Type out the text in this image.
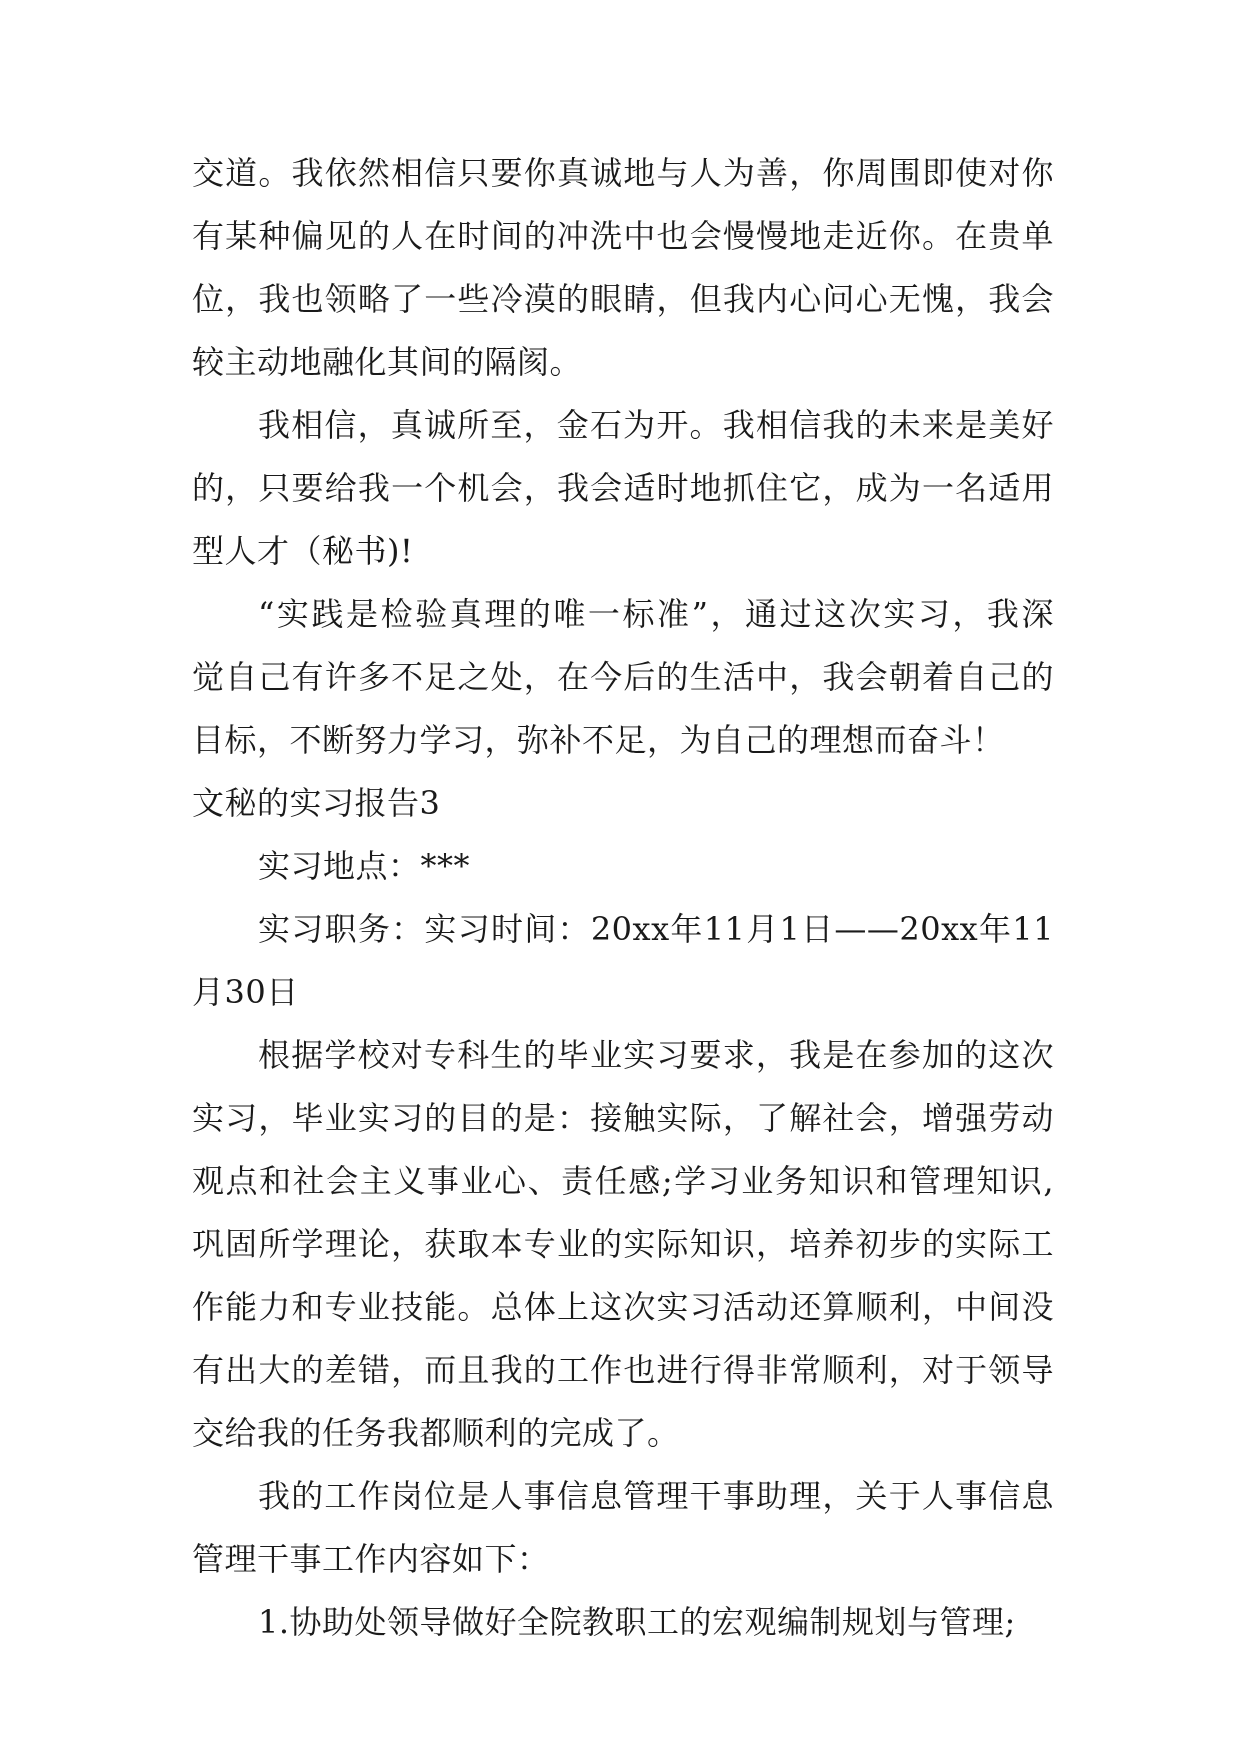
交道。我依然相信只要你真诚地与人为善，你周围即使对你
有某种偏见的人在时间的冲洗中也会慢慢地走近你。在贵单
位，我也领略了一些冷漠的眼睛，但我内心问心无愧，我会
较主动地融化其间的隔阂。
我相信，真诚所至，金石为开。我相信我的未来是美好
的，只要给我一个机会，我会适时地抓住它，成为一名适用
型人才（秘书)!
“实践是检验真理的唯一标准”，通过这次实习，我深
觉自己有许多不足之处，在今后的生活中，我会朝着自己的
目标，不断努力学习，弥补不足，为自己的理想而奋斗！
文秘的实习报告3
实习地点：***
实习职务：实习时间：20xx年11月1日——20xx年11
月30日
根据学校对专科生的毕业实习要求，我是在参加的这次
实习，毕业实习的目的是：接触实际，了解社会，增强劳动
观点和社会主义事业心、责任感;学习业务知识和管理知识,
巩固所学理论，获取本专业的实际知识，培养初步的实际工
作能力和专业技能。总体上这次实习活动还算顺利，中间没
有出大的差错，而且我的工作也进行得非常顺利，对于领导
交给我的任务我都顺利的完成了。
我的工作岗位是人事信息管理干事助理，关于人事信息
管理干事工作内容如下：
1.协助处领导做好全院教职工的宏观编制规划与管理;
